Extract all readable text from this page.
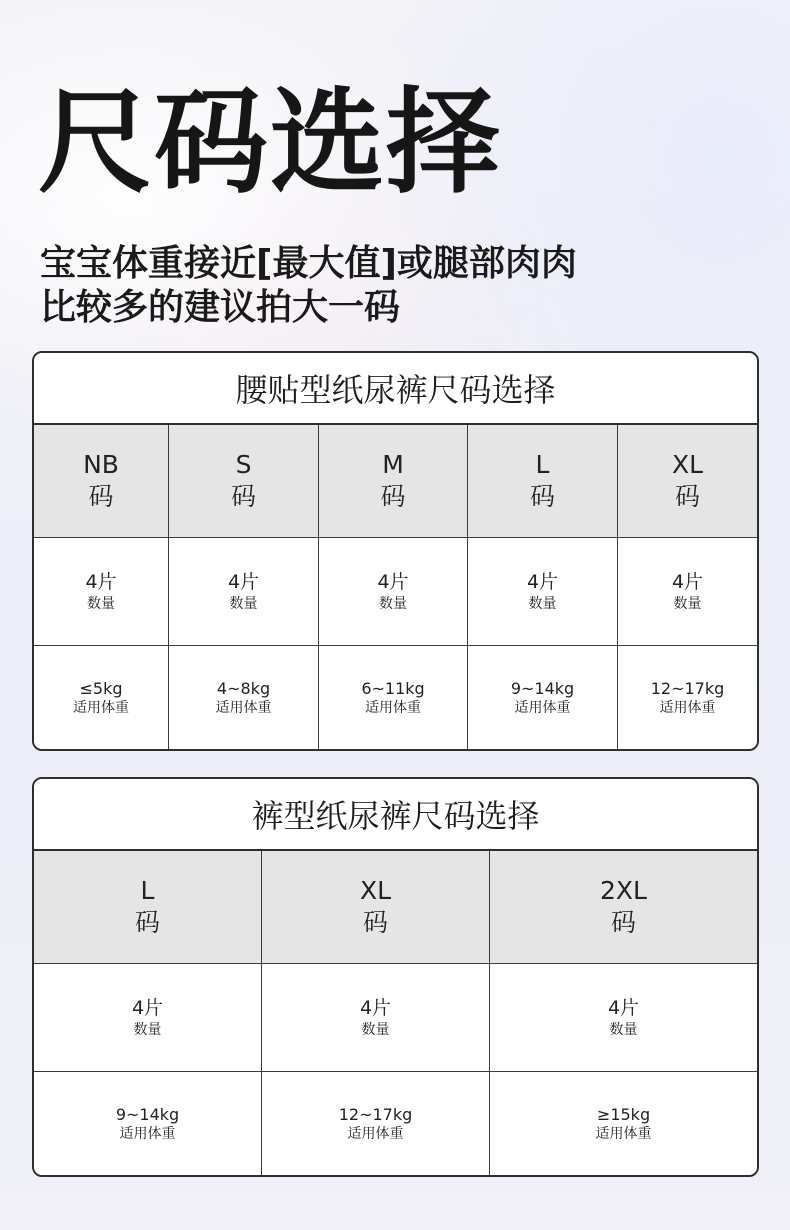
尺码选择
宝宝体重接近[最大值]或腿部肉肉
比较多的建议拍大一码
腰贴型纸尿裤尺码选择
NB
码
S
码
M
码
L
码
XL
码
4片
数量
4片
数量
4片
数量
4片
数量
4片
数量
≤5kg
适用体重
4~8kg
适用体重
6~11kg
适用体重
9~14kg
适用体重
12~17kg
适用体重
裤型纸尿裤尺码选择
L
码
XL
码
2XL
码
4片
数量
4片
数量
4片
数量
9~14kg
适用体重
12~17kg
适用体重
≥15kg
适用体重
